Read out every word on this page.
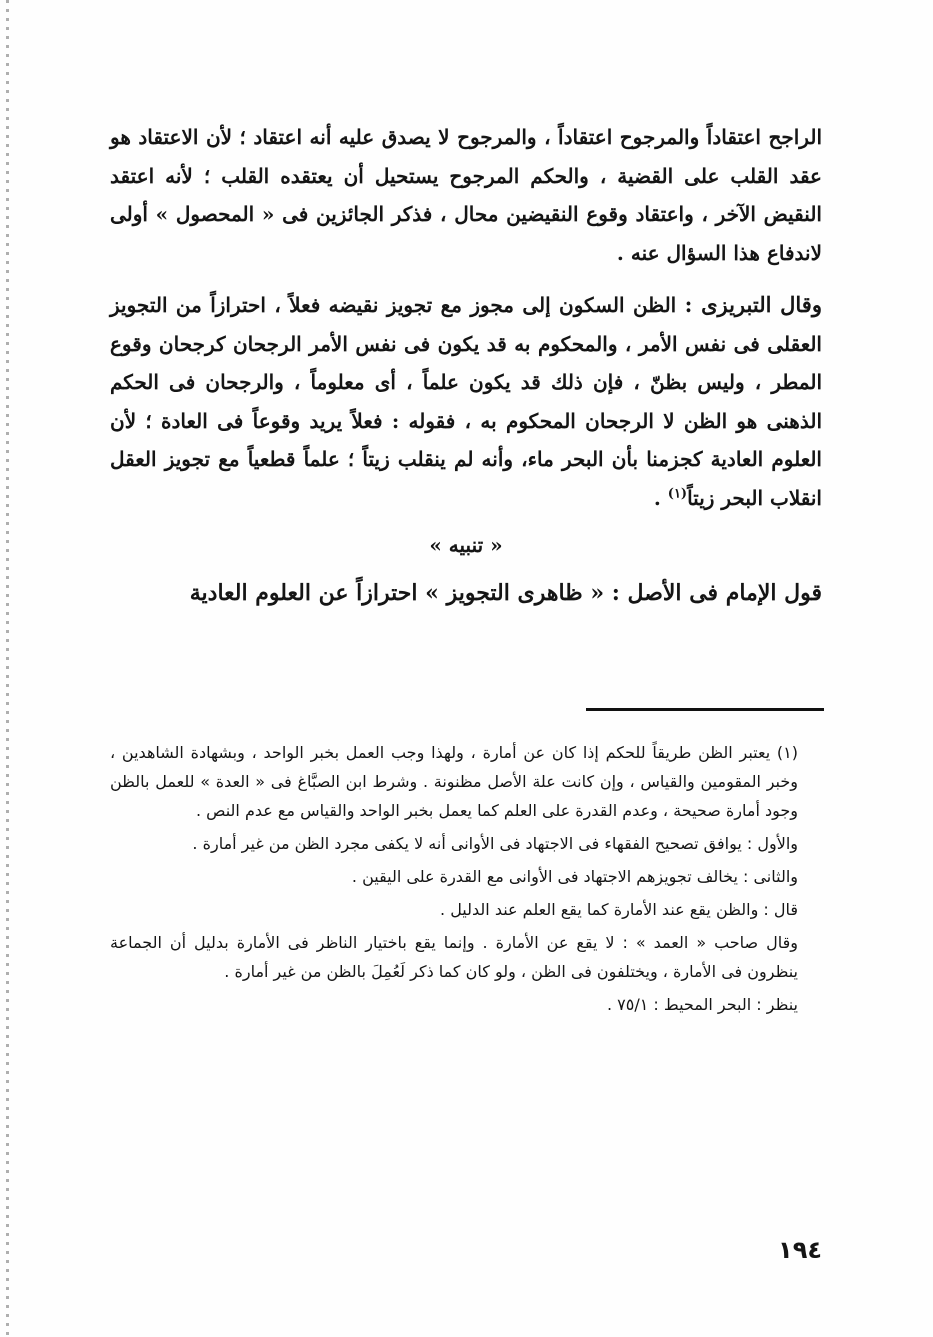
الراجح اعتقاداً والمرجوح اعتقاداً ، والمرجوح لا يصدق عليه أنه اعتقاد ؛ لأن الاعتقاد هو عقد القلب على القضية ، والحكم المرجوح يستحيل أن يعتقده القلب ؛ لأنه اعتقد النقيض الآخر ، واعتقاد وقوع النقيضين محال ، فذكر الجائزين فى « المحصول » أولى لاندفاع هذا السؤال عنه .

وقال التبريزى : الظن السكون إلى مجوز مع تجويز نقيضه فعلاً ، احترازاً من التجويز العقلى فى نفس الأمر ، والمحكوم به قد يكون فى نفس الأمر الرجحان كرجحان وقوع المطر ، وليس بظنّ ، فإن ذلك قد يكون علماً ، أى معلوماً ، والرجحان فى الحكم الذهنى هو الظن لا الرجحان المحكوم به ، فقوله : فعلاً يريد وقوعاً فى العادة ؛ لأن العلوم العادية كجزمنا بأن البحر ماء، وأنه لم ينقلب زيتاً ؛ علماً قطعياً مع تجويز العقل انقلاب البحر زيتاً$^{(١)}$ .

« تنبيه »

قول الإمام فى الأصل : « ظاهرى التجويز » احترازاً عن العلوم العادية

(١) يعتبر الظن طريقاً للحكم إذا كان عن أمارة ، ولهذا وجب العمل بخبر الواحد ، وبشهادة الشاهدين ، وخبر المقومين والقياس ، وإن كانت علة الأصل مظنونة . وشرط ابن الصبَّاغ فى « العدة » للعمل بالظن وجود أمارة صحيحة ، وعدم القدرة على العلم كما يعمل بخبر الواحد والقياس مع عدم النص .

والأول : يوافق تصحيح الفقهاء فى الاجتهاد فى الأوانى أنه لا يكفى مجرد الظن من غير أمارة .

والثانى : يخالف تجويزهم الاجتهاد فى الأوانى مع القدرة على اليقين .

قال : والظن يقع عند الأمارة كما يقع العلم عند الدليل .

وقال صاحب « العمد » : لا يقع عن الأمارة . وإنما يقع باختيار الناظر فى الأمارة بدليل أن الجماعة ينظرون فى الأمارة ، ويختلفون فى الظن ، ولو كان كما ذكر لَعُمِلَ بالظن من غير أمارة .

ينظر : البحر المحيط : ٧٥/١ .

١٩٤
